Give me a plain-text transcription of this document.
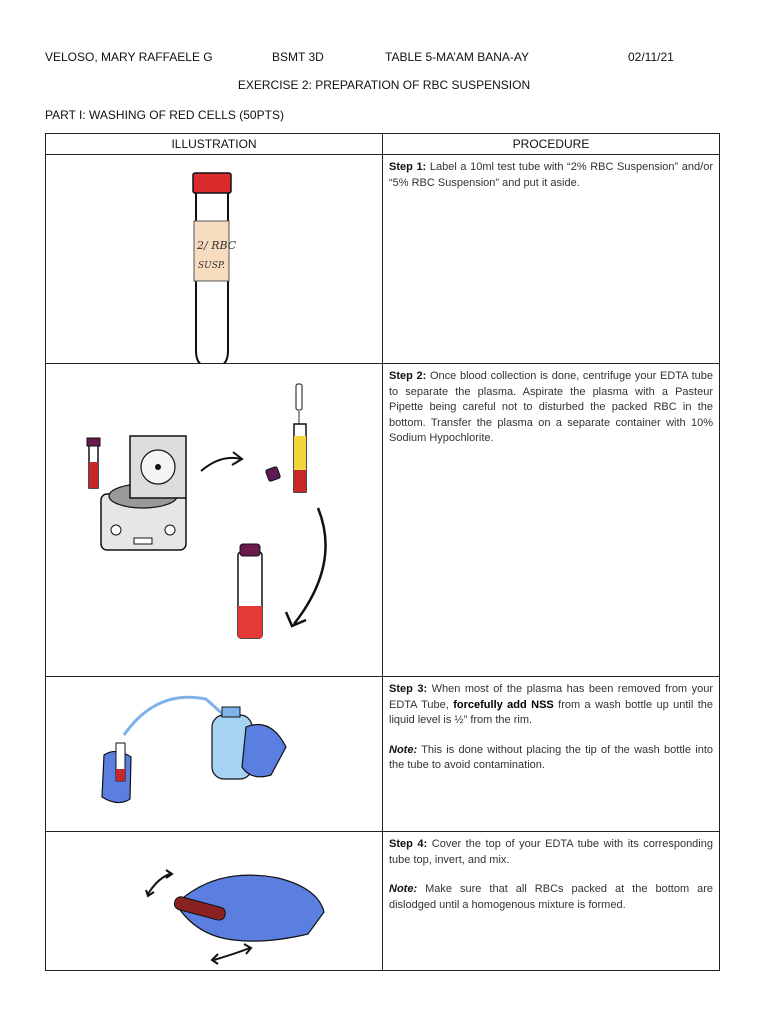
VELOSO, MARY RAFFAELE G	BSMT 3D	TABLE 5-MA’AM BANA-AY	02/11/21
EXERCISE 2: PREPARATION OF RBC SUSPENSION
PART I: WASHING OF RED CELLS (50PTS)
ILLUSTRATION	PROCEDURE

2/ RBC
SUSP.	Step 1: Label a 10ml test tube with “2% RBC Suspension” and/or “5% RBC Suspension” and put it aside.

	Step 2: Once blood collection is done, centrifuge your EDTA tube to separate the plasma. Aspirate the plasma with a Pasteur Pipette being careful not to disturbed the packed RBC in the bottom. Transfer the plasma on a separate container with 10% Sodium Hypochlorite.

	Step 3: When most of the plasma has been removed from your EDTA Tube, forcefully add NSS from a wash bottle up until the liquid level is ½” from the rim.
Note: This is done without placing the tip of the wash bottle into the tube to avoid contamination.

	Step 4: Cover the top of your EDTA tube with its corresponding tube top, invert, and mix.
Note: Make sure that all RBCs packed at the bottom are dislodged until a homogenous mixture is formed.
